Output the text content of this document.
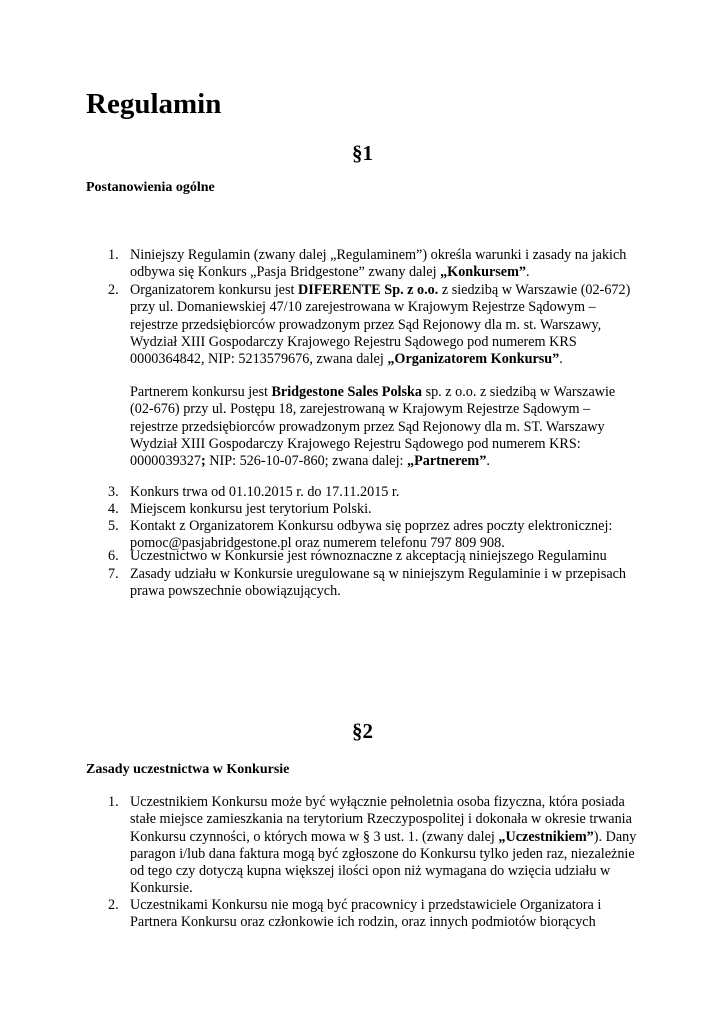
Regulamin
§1
Postanowienia ogólne
1. Niniejszy Regulamin (zwany dalej „Regulaminem”) określa warunki i zasady na jakich odbywa się Konkurs „Pasja Bridgestone” zwany dalej „Konkursem”.
2. Organizatorem konkursu jest DIFERENTE Sp. z o.o. z siedzibą w Warszawie (02-672) przy ul. Domaniewskiej 47/10 zarejestrowana w Krajowym Rejestrze Sądowym – rejestrze przedsiębiorców prowadzonym przez Sąd Rejonowy dla m. st. Warszawy, Wydział XIII Gospodarczy Krajowego Rejestru Sądowego pod numerem KRS 0000364842, NIP: 5213579676, zwana dalej „Organizatorem Konkursu”.
Partnerem konkursu jest Bridgestone Sales Polska sp. z o.o. z siedzibą w Warszawie (02-676) przy ul. Postępu 18, zarejestrowaną w Krajowym Rejestrze Sądowym – rejestrze przedsiębiorców prowadzonym przez Sąd Rejonowy dla m. ST. Warszawy Wydział XIII Gospodarczy Krajowego Rejestru Sądowego pod numerem KRS: 0000039327; NIP: 526-10-07-860; zwana dalej: „Partnerem”.
3. Konkurs trwa od 01.10.2015 r. do 17.11.2015 r.
4. Miejscem konkursu jest terytorium Polski.
5. Kontakt z Organizatorem Konkursu odbywa się poprzez adres poczty elektronicznej: pomoc@pasjabridgestone.pl oraz numerem telefonu 797 809 908.
6. Uczestnictwo w Konkursie jest równoznaczne z akceptacją niniejszego Regulaminu
7. Zasady udziału w Konkursie uregulowane są w niniejszym Regulaminie i w przepisach prawa powszechnie obowiązujących.
§2
Zasady uczestnictwa w Konkursie
1. Uczestnikiem Konkursu może być wyłącznie pełnoletnia osoba fizyczna, która posiada stałe miejsce zamieszkania na terytorium Rzeczypospolitej i dokonała w okresie trwania Konkursu czynności, o których mowa w § 3 ust. 1. (zwany dalej „Uczestnikiem”). Dany paragon i/lub dana faktura mogą być zgłoszone do Konkursu tylko jeden raz, niezależnie od tego czy dotyczą kupna większej ilości opon niż wymagana do wzięcia udziału w Konkursie.
2. Uczestnikami Konkursu nie mogą być pracownicy i przedstawiciele Organizatora i Partnera Konkursu oraz członkowie ich rodzin, oraz innych podmiotów biorących
